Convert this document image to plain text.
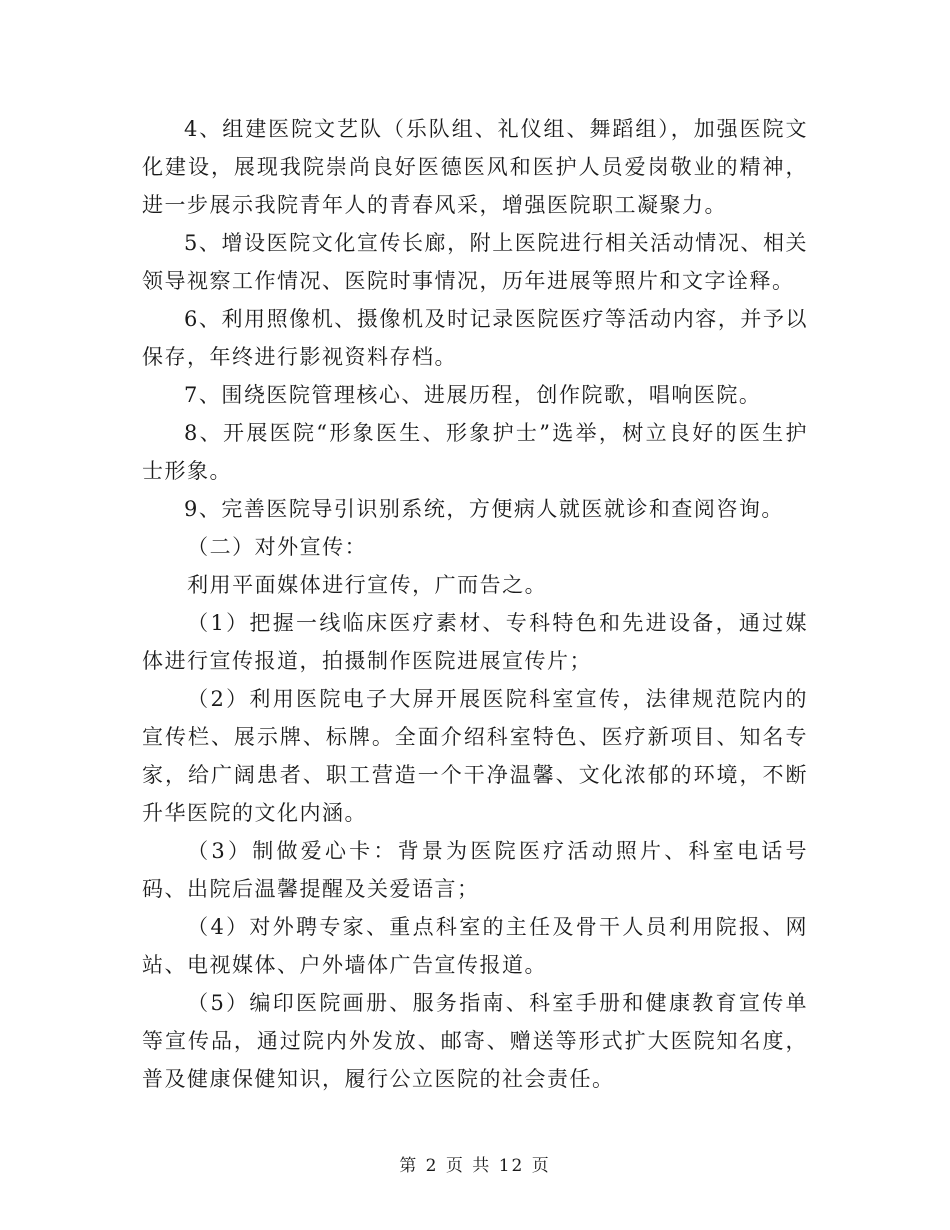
4、组建医院文艺队（乐队组、礼仪组、舞蹈组），加强医院文化建设，展现我院崇尚良好医德医风和医护人员爱岗敬业的精神，进一步展示我院青年人的青春风采，增强医院职工凝聚力。

5、增设医院文化宣传长廊，附上医院进行相关活动情况、相关领导视察工作情况、医院时事情况，历年进展等照片和文字诠释。

6、利用照像机、摄像机及时记录医院医疗等活动内容，并予以保存，年终进行影视资料存档。

7、围绕医院管理核心、进展历程，创作院歌，唱响医院。

8、开展医院“形象医生、形象护士”选举，树立良好的医生护士形象。

9、完善医院导引识别系统，方便病人就医就诊和查阅咨询。

（二）对外宣传：

利用平面媒体进行宣传，广而告之。

（1）把握一线临床医疗素材、专科特色和先进设备，通过媒体进行宣传报道，拍摄制作医院进展宣传片；

（2）利用医院电子大屏开展医院科室宣传，法律规范院内的宣传栏、展示牌、标牌。全面介绍科室特色、医疗新项目、知名专家，给广阔患者、职工营造一个干净温馨、文化浓郁的环境，不断升华医院的文化内涵。

（3）制做爱心卡：背景为医院医疗活动照片、科室电话号码、出院后温馨提醒及关爱语言；

（4）对外聘专家、重点科室的主任及骨干人员利用院报、网站、电视媒体、户外墙体广告宣传报道。

（5）编印医院画册、服务指南、科室手册和健康教育宣传单等宣传品，通过院内外发放、邮寄、赠送等形式扩大医院知名度，普及健康保健知识，履行公立医院的社会责任。

第 2 页 共 12 页
